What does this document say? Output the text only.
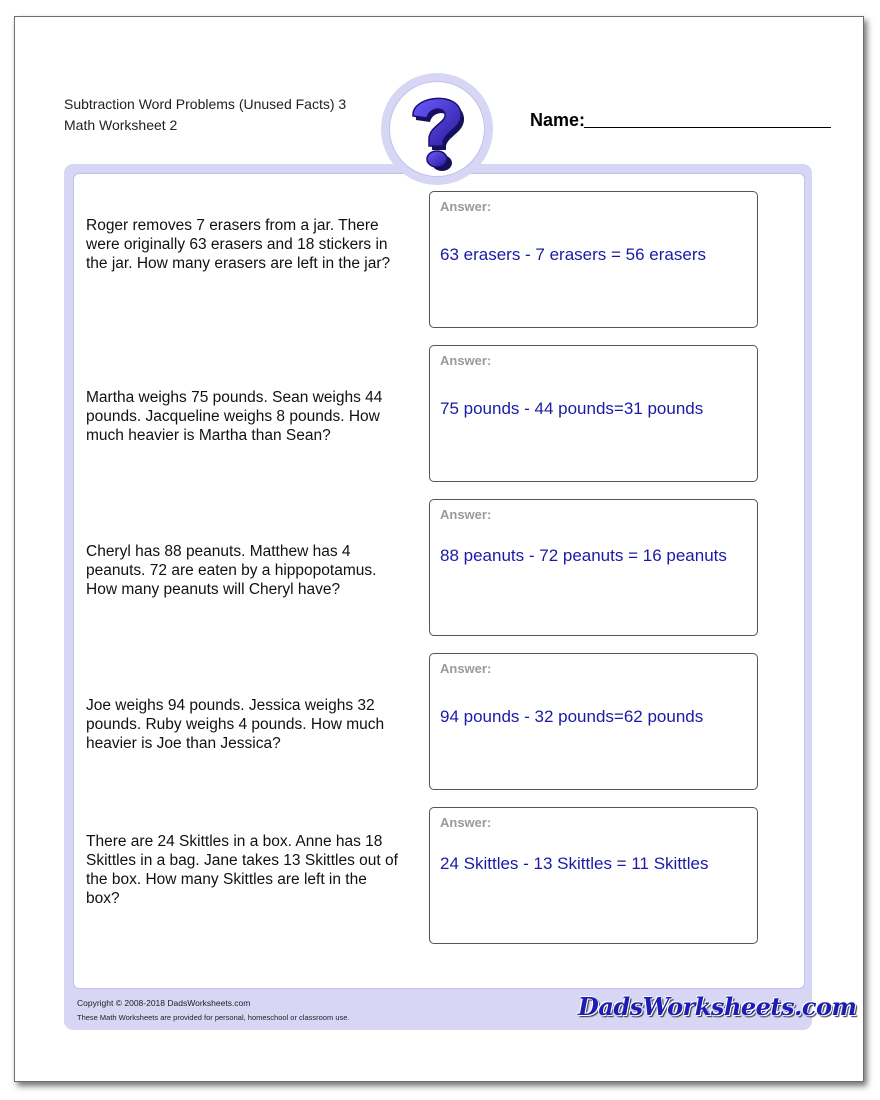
Subtraction Word Problems (Unused Facts) 3
Math Worksheet 2	Name:
Roger removes 7 erasers from a jar. There were originally 63 erasers and 18 stickers in the jar. How many erasers are left in the jar?
Answer:
63 erasers - 7 erasers = 56 erasers
Martha weighs 75 pounds. Sean weighs 44 pounds. Jacqueline weighs 8 pounds. How much heavier is Martha than Sean?
Answer:
75 pounds - 44 pounds=31 pounds
Cheryl has 88 peanuts. Matthew has 4 peanuts. 72 are eaten by a hippopotamus. How many peanuts will Cheryl have?
Answer:
88 peanuts - 72 peanuts = 16 peanuts
Joe weighs 94 pounds. Jessica weighs 32 pounds. Ruby weighs 4 pounds. How much heavier is Joe than Jessica?
Answer:
94 pounds - 32 pounds=62 pounds
There are 24 Skittles in a box. Anne has 18 Skittles in a bag. Jane takes 13 Skittles out of the box. How many Skittles are left in the box?
Answer:
24 Skittles - 13 Skittles = 11 Skittles
Copyright © 2008-2018 DadsWorksheets.com
These Math Worksheets are provided for personal, homeschool or classroom use.	DadsWorksheets.com
